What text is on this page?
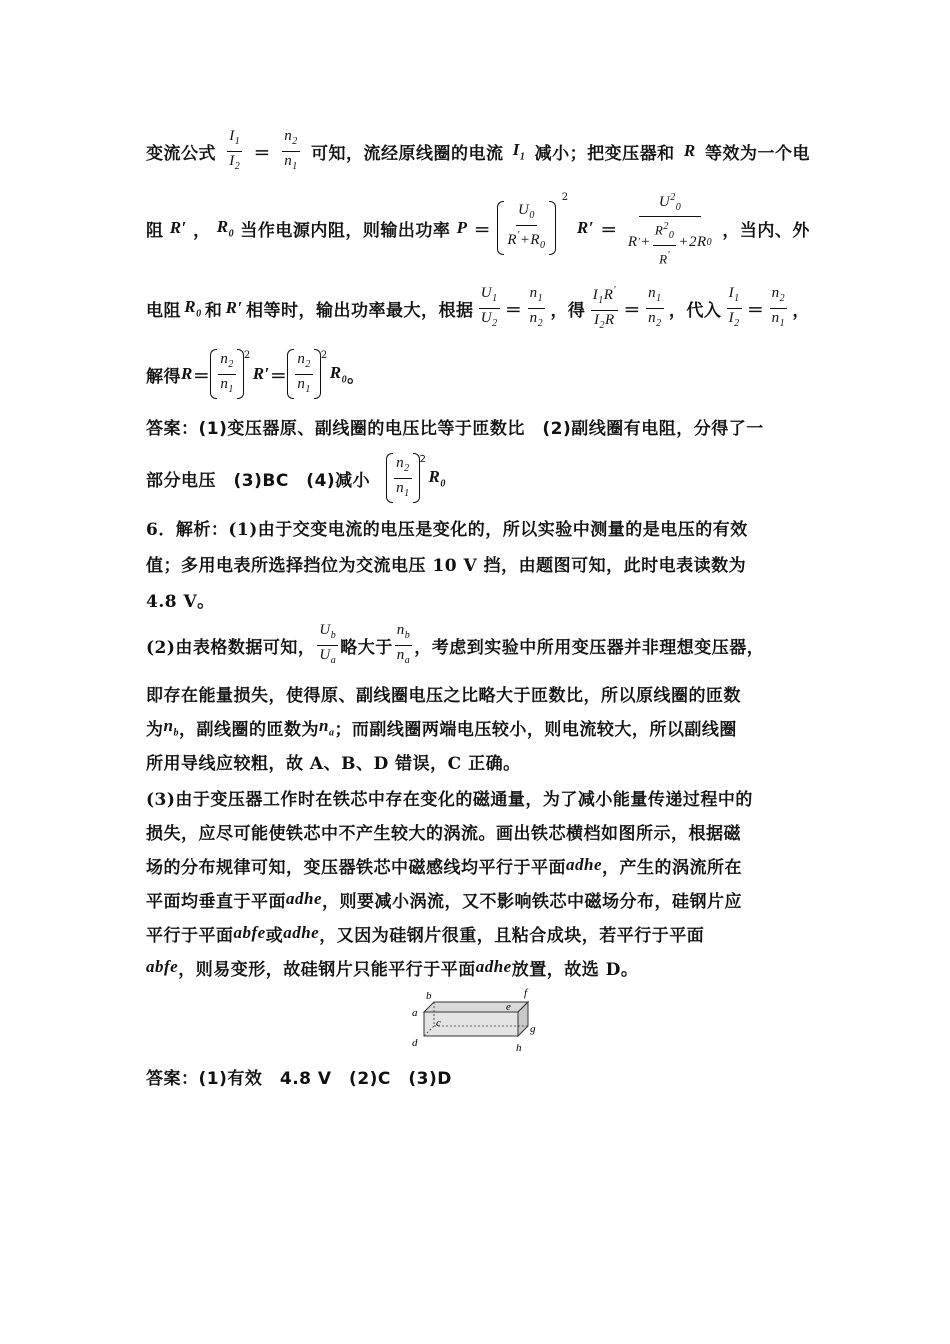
变流公式 $\frac{I_1}{I_2} = \frac{n_2}{n_1}$ 可知，流经原线圈的电流 $I_1$ 减小；把变压器和 R 等效为一个电
阻 R′ ， $R_0$ 当作电源内阻，则输出功率 $P = \frac{U_0}{R'+R_0}$
2
R′ ＝
$U^2_0$
R ′ + $\frac{R^2_0}{R'} +2$ R 0
，当内、外
电阻 $R_0$ 和 R′ 相等时，输出功率最大，根据 $\frac{U_1}{U_2} = \frac{n_1}{n_2}$ ，得 $\frac{I_1R'}{I_2R} = \frac{n_1}{n_2}$ ，代入 $\frac{I_1}{I_2} = \frac{n_2}{n_1}$ ，
解得 $R = \frac{n_2}{n_1} 2$
$R' = \frac{n_2}{n_1} 2$
$R_0$ 。
答案：(1)变压器原、副线圈的电压比等于匝数比　(2)副线圈有电阻，分得了一
部分电压　(3)BC　(4)减小 $\frac{n_2}{n_1} 2$
$R_0$
6．解析：(1)由于交变电流的电压是变化的，所以实验中测量的是电压的有效
值；多用电表所选择挡位为交流电压 10 V 挡，由题图可知，此时电表读数为
4.8 V。
(2)由表格数据可知， $\frac{U_b}{U_a}$ 略大于 $\frac{n_b}{n_a}$ ，考虑到实验中所用变压器并非理想变压器，
即存在能量损失，使得原、副线圈电压之比略大于匝数比，所以原线圈的匝数
为 $n_b$ ，副线圈的匝数为 $n_a$ ；而副线圈两端电压较小，则电流较大，所以副线圈
所用导线应较粗，故 A、B、D 错误，C 正确。
(3)由于变压器工作时在铁芯中存在变化的磁通量，为了减小能量传递过程中的
损失，应尽可能使铁芯中不产生较大的涡流。画出铁芯横档如图所示，根据磁
场的分布规律可知，变压器铁芯中磁感线均平行于平面 adhe ，产生的涡流所在
平面均垂直于平面 adhe ，则要减小涡流，又不影响铁芯中磁场分布，硅钢片应
平行于平面 abfe 或 adhe ，又因为硅钢片很重，且粘合成块，若平行于平面
abfe ，则易变形，故硅钢片只能平行于平面 adhe 放置，故选 D。
a
b
c
d
e
f
g
h
答案：(1)有效　4.8 V　(2)C　(3)D
